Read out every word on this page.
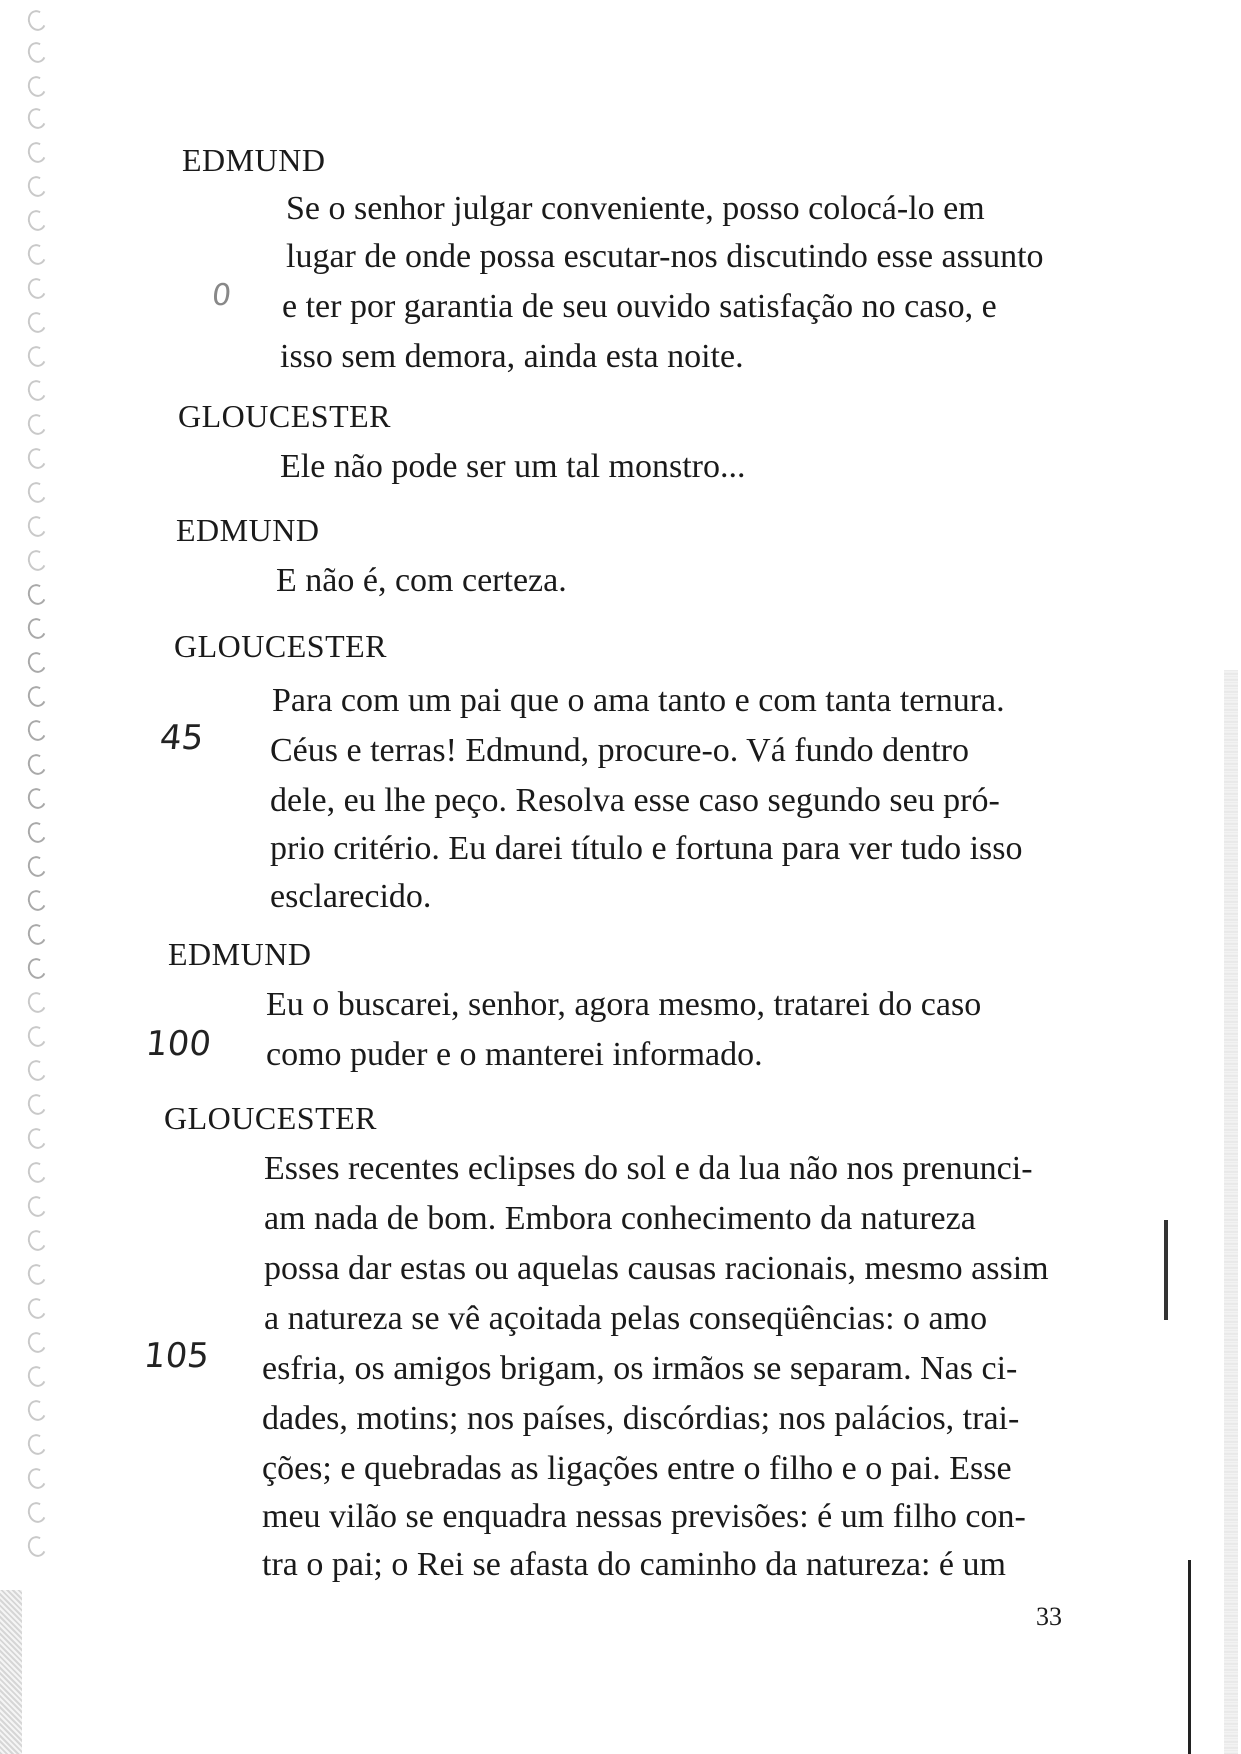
EDMUND
Se o senhor julgar conveniente, posso colocá-lo em
lugar de onde possa escutar-nos discutindo esse assunto
e ter por garantia de seu ouvido satisfação no caso, e
isso sem demora, ainda esta noite.
GLOUCESTER
Ele não pode ser um tal monstro...
EDMUND
E não é, com certeza.
GLOUCESTER
Para com um pai que o ama tanto e com tanta ternura.
Céus e terras! Edmund, procure-o. Vá fundo dentro
dele, eu lhe peço. Resolva esse caso segundo seu pró-
prio critério. Eu darei título e fortuna para ver tudo isso
esclarecido.
EDMUND
Eu o buscarei, senhor, agora mesmo, tratarei do caso
como puder e o manterei informado.
GLOUCESTER
Esses recentes eclipses do sol e da lua não nos prenunci-
am nada de bom. Embora conhecimento da natureza
possa dar estas ou aquelas causas racionais, mesmo assim
a natureza se vê açoitada pelas conseqüências: o amo
esfria, os amigos brigam, os irmãos se separam. Nas ci-
dades, motins; nos países, discórdias; nos palácios, trai-
ções; e quebradas as ligações entre o filho e o pai. Esse
meu vilão se enquadra nessas previsões: é um filho con-
tra o pai; o Rei se afasta do caminho da natureza: é um
0
45
100
105
33
